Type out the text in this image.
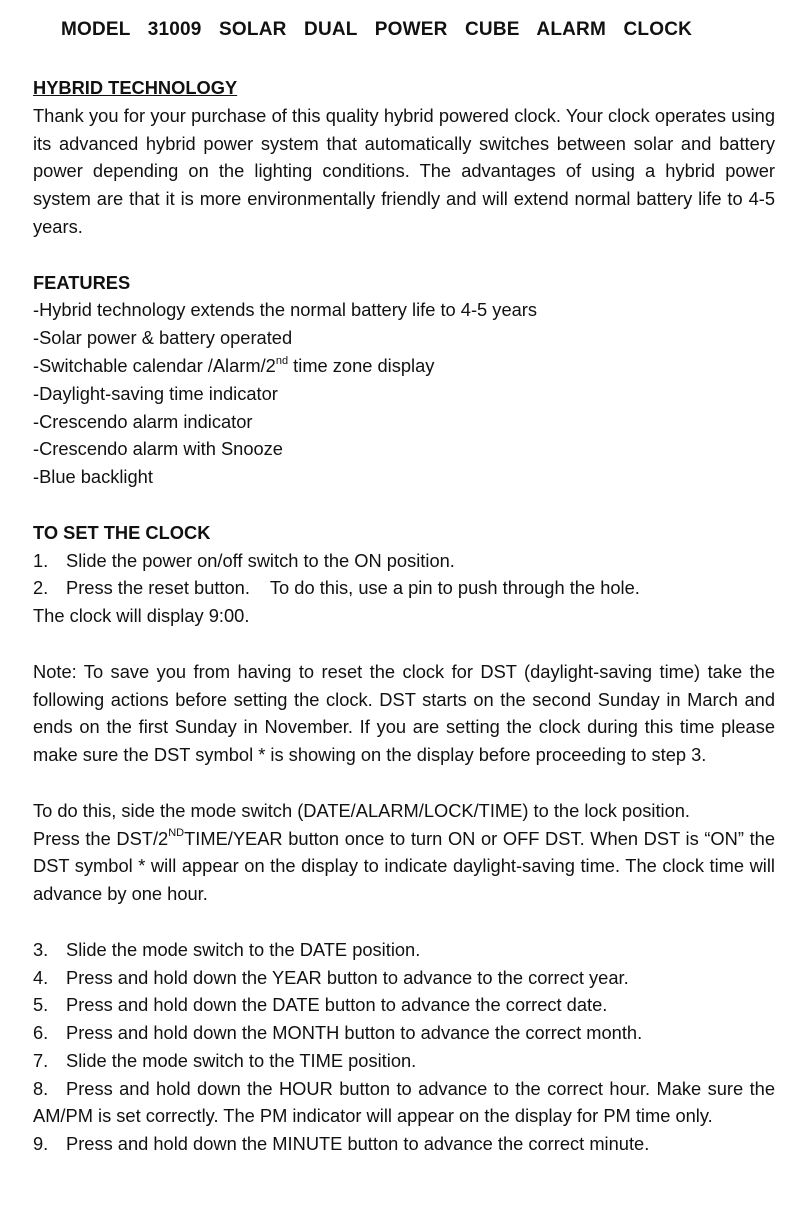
MODEL 31009 SOLAR DUAL POWER CUBE ALARM CLOCK
HYBRID TECHNOLOGY
Thank you for your purchase of this quality hybrid powered clock. Your clock operates using its advanced hybrid power system that automatically switches between solar and battery power depending on the lighting conditions. The advantages of using a hybrid power system are that it is more environmentally friendly and will extend normal battery life to 4-5 years.
FEATURES
-Hybrid technology extends the normal battery life to 4-5 years
-Solar power & battery operated
-Switchable calendar /Alarm/2nd time zone display
-Daylight-saving time indicator
-Crescendo alarm indicator
-Crescendo alarm with Snooze
-Blue backlight
TO SET THE CLOCK
1. Slide the power on/off switch to the ON position.
2. Press the reset button.    To do this, use a pin to push through the hole.
The clock will display 9:00.
Note: To save you from having to reset the clock for DST (daylight-saving time) take the following actions before setting the clock. DST starts on the second Sunday in March and ends on the first Sunday in November. If you are setting the clock during this time please make sure the DST symbol * is showing on the display before proceeding to step 3.
To do this, side the mode switch (DATE/ALARM/LOCK/TIME) to the lock position.
Press the DST/2NDTIME/YEAR button once to turn ON or OFF DST. When DST is “ON” the DST symbol * will appear on the display to indicate daylight-saving time. The clock time will advance by one hour.
3. Slide the mode switch to the DATE position.
4. Press and hold down the YEAR button to advance to the correct year.
5. Press and hold down the DATE button to advance the correct date.
6. Press and hold down the MONTH button to advance the correct month.
7. Slide the mode switch to the TIME position.
8. Press and hold down the HOUR button to advance to the correct hour. Make sure the AM/PM is set correctly. The PM indicator will appear on the display for PM time only.
9. Press and hold down the MINUTE button to advance the correct minute.
